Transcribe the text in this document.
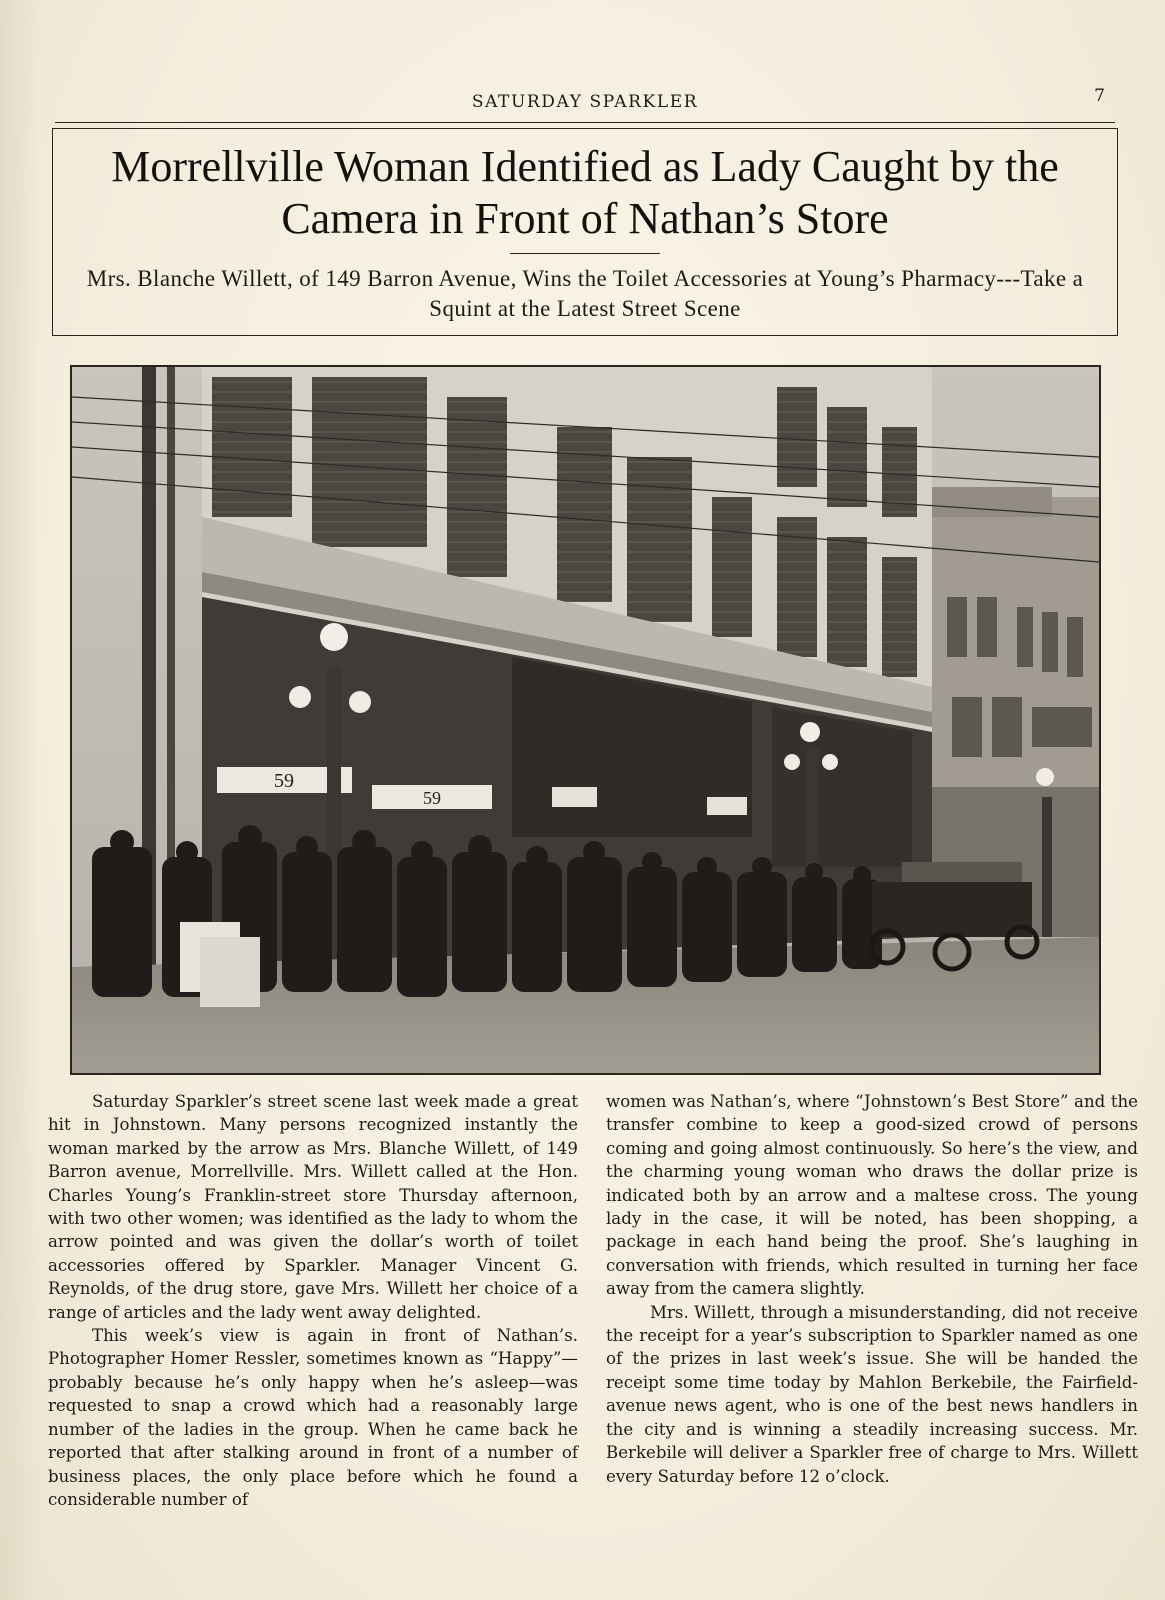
SATURDAY SPARKLER	7
Morrellville Woman Identified as Lady Caught by the Camera in Front of Nathan’s Store
Mrs. Blanche Willett, of 149 Barron Avenue, Wins the Toilet Accessories at Young’s Pharmacy---Take a Squint at the Latest Street Scene
59
59

Saturday Sparkler’s street scene last week made a great hit in Johnstown. Many persons recognized instantly the woman marked by the arrow as Mrs. Blanche Willett, of 149 Barron avenue, Morrellville. Mrs. Willett called at the Hon. Charles Young’s Franklin-street store Thursday afternoon, with two other women; was identified as the lady to whom the arrow pointed and was given the dollar’s worth of toilet accessories offered by Sparkler. Manager Vincent G. Reynolds, of the drug store, gave Mrs. Willett her choice of a range of articles and the lady went away delighted.

This week’s view is again in front of Nathan’s. Photographer Homer Ressler, sometimes known as “Happy”—probably because he’s only happy when he’s asleep—was requested to snap a crowd which had a reasonably large number of the ladies in the group. When he came back he reported that after stalking around in front of a number of business places, the only place before which he found a considerable number of

women was Nathan’s, where “Johnstown’s Best Store” and the transfer combine to keep a good-sized crowd of persons coming and going almost continuously. So here’s the view, and the charming young woman who draws the dollar prize is indicated both by an arrow and a maltese cross. The young lady in the case, it will be noted, has been shopping, a package in each hand being the proof. She’s laughing in conversation with friends, which resulted in turning her face away from the camera slightly.

Mrs. Willett, through a misunderstanding, did not receive the receipt for a year’s subscription to Sparkler named as one of the prizes in last week’s issue. She will be handed the receipt some time today by Mahlon Berkebile, the Fairfield-avenue news agent, who is one of the best news handlers in the city and is winning a steadily increasing success. Mr. Berkebile will deliver a Sparkler free of charge to Mrs. Willett every Saturday before 12 o’clock.
